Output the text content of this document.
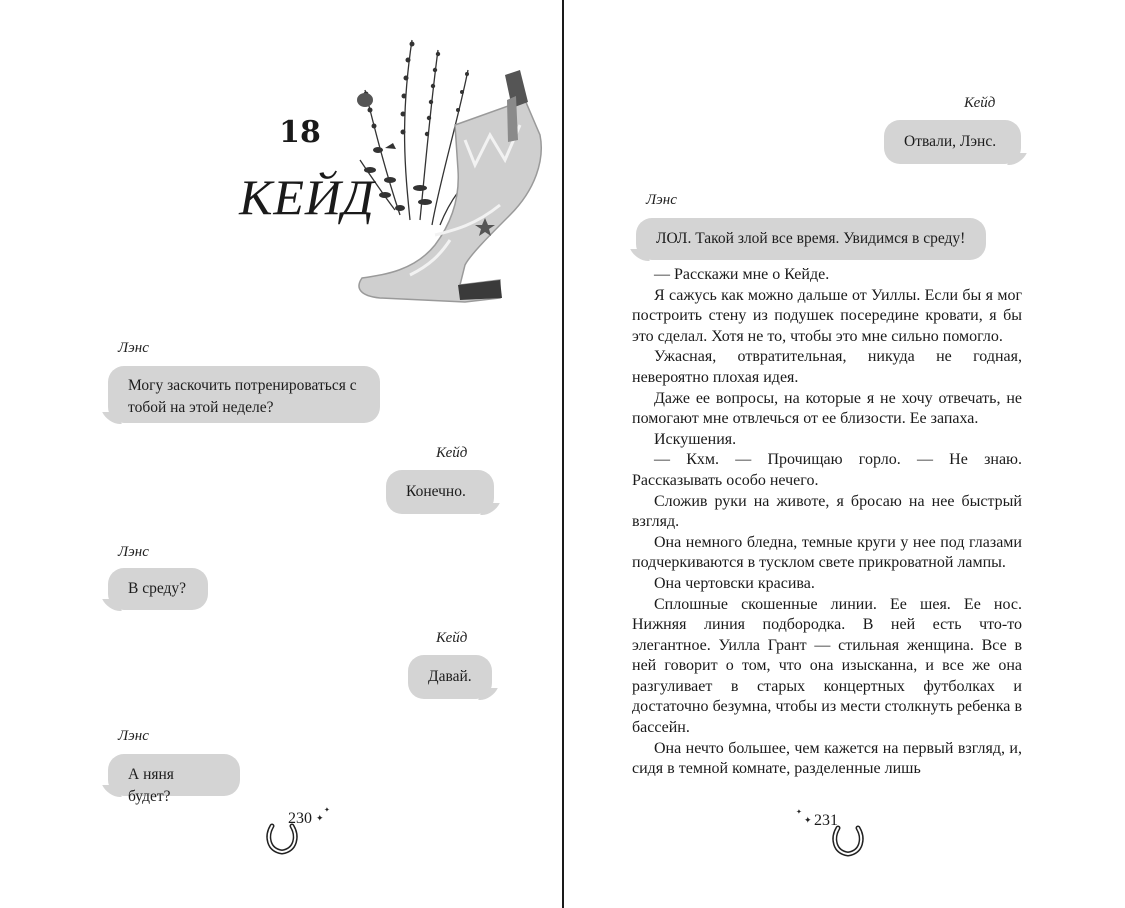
18
КЕЙД
Лэнс
Могу заскочить потренироваться с тобой на этой неделе?
Кейд
Конечно.
Лэнс
В среду?
Кейд
Давай.
Лэнс
А няня будет?
230 ✦
✦
Кейд
Отвали, Лэнс.
Лэнс
ЛОЛ. Такой злой все время. Увидимся в среду!

— Расскажи мне о Кейде.

Я сажусь как можно дальше от Уиллы. Если бы я мог построить стену из подушек посередине кровати, я бы это сделал. Хотя не то, чтобы это мне сильно помогло.

Ужасная, отвратительная, никуда не годная, невероятно плохая идея.

Даже ее вопросы, на которые я не хочу отвечать, не помогают мне отвлечься от ее близости. Ее запаха.

Искушения.

— Кхм. — Прочищаю горло. — Не знаю. Рассказывать особо нечего.

Сложив руки на животе, я бросаю на нее быстрый взгляд.

Она немного бледна, темные круги у нее под глазами подчеркиваются в тусклом свете прикроватной лампы.

Она чертовски красива.

Сплошные скошенные линии. Ее шея. Ее нос. Нижняя линия подбородка. В ней есть что-то элегантное. Уилла Грант — стильная женщина. Все в ней говорит о том, что она изысканна, и все же она разгуливает в старых концертных футболках и достаточно безумна, чтобы из мести столкнуть ребенка в бассейн.

Она нечто большее, чем кажется на первый взгляд, и, сидя в темной комнате, разделенные лишь

✦
✦ 231
